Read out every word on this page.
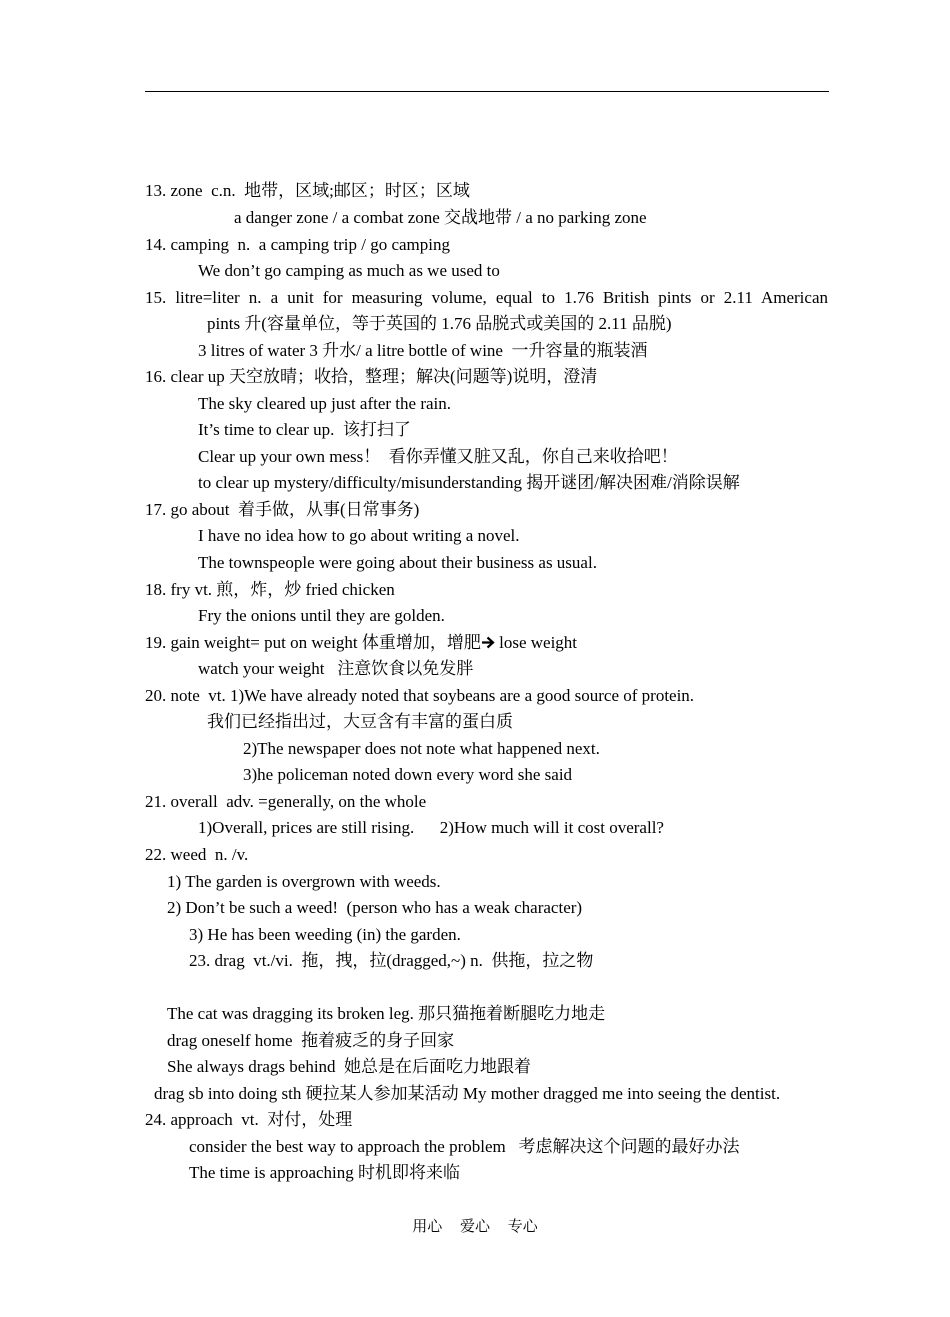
13. zone  c.n.  地带，区域;邮区；时区；区域
a danger zone / a combat zone 交战地带 / a no parking zone
14. camping  n.  a camping trip / go camping
We don’t go camping as much as we used to
15. litre=liter n. a unit for measuring volume, equal to 1.76 British pints or 2.11 American
pints 升(容量单位，等于英国的 1.76 品脱式或美国的 2.11 品脱)
3 litres of water 3 升水/ a litre bottle of wine  一升容量的瓶装酒
16. clear up 天空放晴；收拾，整理；解决(问题等)说明，澄清
The sky cleared up just after the rain.
It’s time to clear up.  该打扫了
Clear up your own mess！  看你弄懂又脏又乱，你自己来收拾吧！
to clear up mystery/difficulty/misunderstanding 揭开谜团/解决困难/消除误解
17. go about  着手做，从事(日常事务)
I have no idea how to go about writing a novel.
The townspeople were going about their business as usual.
18. fry vt. 煎，炸，炒 fried chicken
Fry the onions until they are golden.
19. gain weight= put on weight 体重增加，增肥 lose weight
watch your weight   注意饮食以免发胖
20. note  vt. 1)We have already noted that soybeans are a good source of protein.
我们已经指出过，大豆含有丰富的蛋白质
2)The newspaper does not note what happened next.
3)he policeman noted down every word she said
21. overall  adv. =generally, on the whole
1)Overall, prices are still rising.      2)How much will it cost overall?
22. weed  n. /v.
1) The garden is overgrown with weeds.
2) Don’t be such a weed!  (person who has a weak character)
3) He has been weeding (in) the garden.
23. drag  vt./vi.  拖，拽，拉(dragged,~) n.  供拖，拉之物
The cat was dragging its broken leg. 那只猫拖着断腿吃力地走
drag oneself home  拖着疲乏的身子回家
She always drags behind  她总是在后面吃力地跟着
drag sb into doing sth 硬拉某人参加某活动 My mother dragged me into seeing the dentist.
24. approach  vt.  对付，处理
consider the best way to approach the problem   考虑解决这个问题的最好办法
The time is approaching 时机即将来临
用心 爱心 专心
